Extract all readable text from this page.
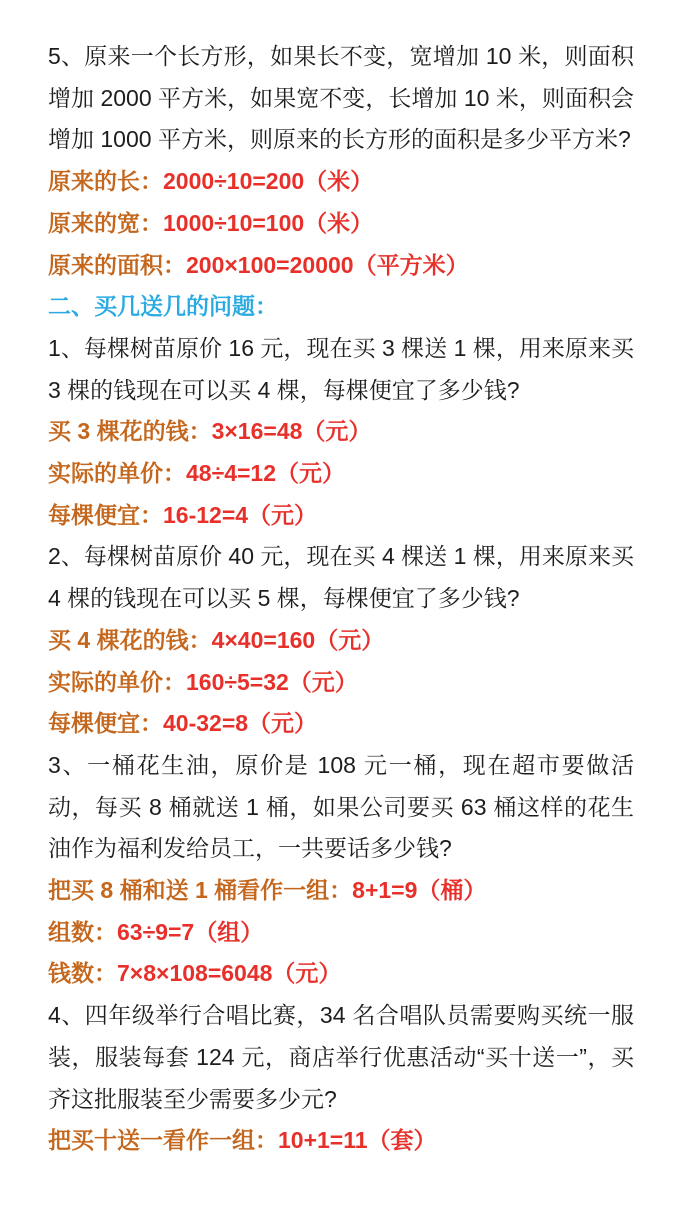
5、原来一个长方形，如果长不变，宽增加 10 米，则面积增加 2000 平方米，如果宽不变，长增加 10 米，则面积会增加 1000 平方米，则原来的长方形的面积是多少平方米?

原来的长：2000÷10=200（米）

原来的宽：1000÷10=100（米）

原来的面积：200×100=20000（平方米）

二、买几送几的问题：

1、每棵树苗原价 16 元，现在买 3 棵送 1 棵，用来原来买 3 棵的钱现在可以买 4 棵，每棵便宜了多少钱?

买 3 棵花的钱：3×16=48（元）

实际的单价：48÷4=12（元）

每棵便宜：16-12=4（元）

2、每棵树苗原价 40 元，现在买 4 棵送 1 棵，用来原来买 4 棵的钱现在可以买 5 棵，每棵便宜了多少钱?

买 4 棵花的钱：4×40=160（元）

实际的单价：160÷5=32（元）

每棵便宜：40-32=8（元）

3、一桶花生油，原价是 108 元一桶，现在超市要做活动，每买 8 桶就送 1 桶，如果公司要买 63 桶这样的花生油作为福利发给员工，一共要话多少钱?

把买 8 桶和送 1 桶看作一组：8+1=9（桶）

组数：63÷9=7（组）

钱数：7×8×108=6048（元）

4、四年级举行合唱比赛，34 名合唱队员需要购买统一服装，服装每套 124 元，商店举行优惠活动“买十送一”，买齐这批服装至少需要多少元?

把买十送一看作一组：10+1=11（套）
